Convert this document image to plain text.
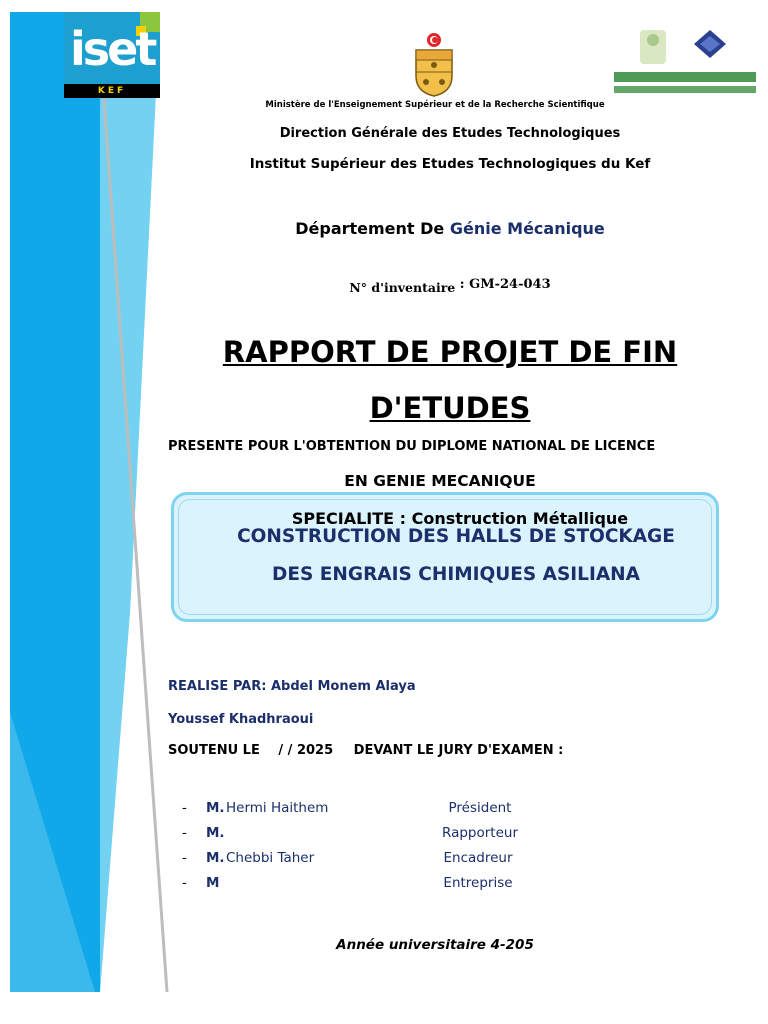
iset
KEF
Ministère de l'Enseignement Supérieur et de la Recherche Scientifique
Direction Générale des Etudes Technologiques
Institut Supérieur des Etudes Technologiques du Kef
Département De Génie Mécanique
N° d'inventaire : GM-24-043
RAPPORT DE PROJET DE FIN
D'ETUDES
PRESENTE POUR L'OBTENTION DU DIPLOME NATIONAL DE LICENCE
EN GENIE MECANIQUE
SPECIALITE : Construction Métallique
CONSTRUCTION DES HALLS DE STOCKAGE
DES ENGRAIS CHIMIQUES ASILIANA
REALISE PAR: Abdel Monem Alaya
Youssef Khadhraoui
SOUTENU LE / / 2025 DEVANT LE JURY D'EXAMEN :
- M. Hermi Haithem	Président
- M.	Rapporteur
- M. Chebbi Taher	Encadreur
- M	Entreprise
Année universitaire 4-205
